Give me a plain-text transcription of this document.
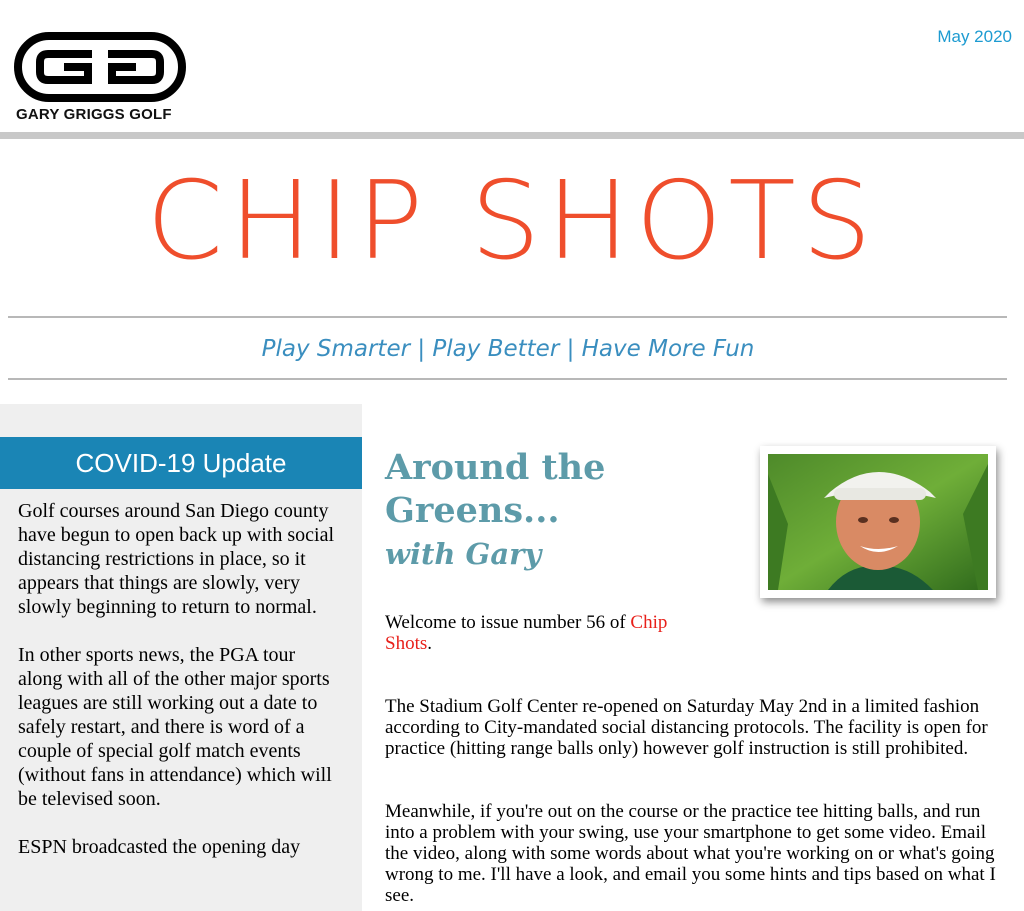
GARY GRIGGS GOLF
May 2020
CHIP SHOTS
Play Smarter | Play Better | Have More Fun
COVID-19 Update

Golf courses around San Diego county have begun to open back up with social distancing restrictions in place, so it appears that things are slowly, very slowly beginning to return to normal.

In other sports news, the PGA tour along with all of the other major sports leagues are still working out a date to safely restart, and there is word of a couple of special golf match events (without fans in attendance) which will be televised soon.

ESPN broadcasted the opening day

Around the Greens...
with Gary
Welcome to issue number 56 of Chip Shots.
The Stadium Golf Center re-opened on Saturday May 2nd in a limited fashion according to City-mandated social distancing protocols. The facility is open for practice (hitting range balls only) however golf instruction is still prohibited.
Meanwhile, if you're out on the course or the practice tee hitting balls, and run into a problem with your swing, use your smartphone to get some video. Email the video, along with some words about what you're working on or what's going wrong to me. I'll have a look, and email you some hints and tips based on what I see.
